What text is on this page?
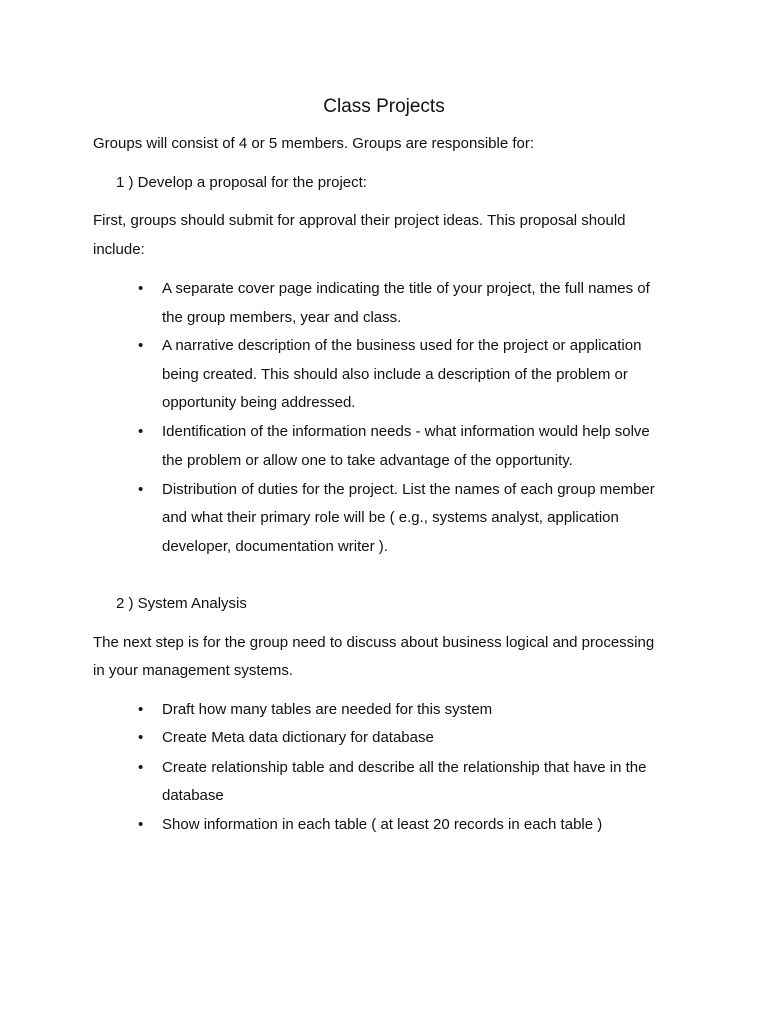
Class Projects
Groups will consist of 4 or 5 members. Groups are responsible for:
1 ) Develop a proposal for the project:
First, groups should submit for approval their project ideas. This proposal should
include:
• A separate cover page indicating the title of your project, the full names of
the group members, year and class.
• A narrative description of the business used for the project or application
being created. This should also include a description of the problem or
opportunity being addressed.
• Identification of the information needs - what information would help solve
the problem or allow one to take advantage of the opportunity.
• Distribution of duties for the project. List the names of each group member
and what their primary role will be ( e.g., systems analyst, application
developer, documentation writer ).
2 ) System Analysis
The next step is for the group need to discuss about business logical and processing
in your management systems.
• Draft how many tables are needed for this system
• Create Meta data dictionary for database
• Create relationship table and describe all the relationship that have in the
database
• Show information in each table ( at least 20 records in each table )
